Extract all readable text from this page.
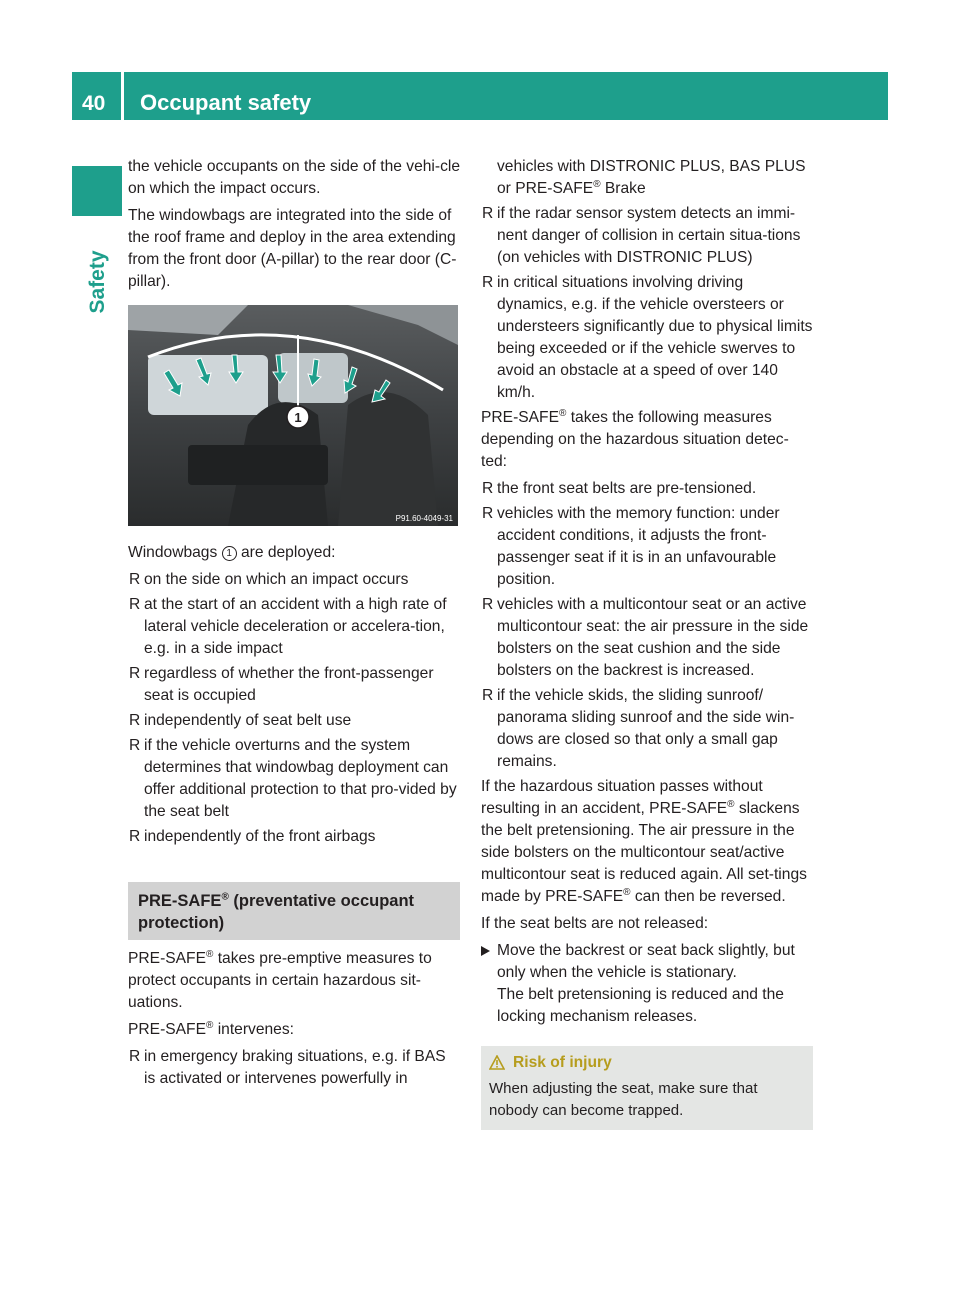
40 Occupant safety
Safety

the vehicle occupants on the side of the vehi-cle on which the impact occurs.

The windowbags are integrated into the side of the roof frame and deploy in the area extending from the front door (A-pillar) to the rear door (C-pillar).

1
P91.60-4049-31

Windowbags 1 are deployed:

R on the side on which an impact occurs
R at the start of an accident with a high rate of lateral vehicle deceleration or accelera-tion, e.g. in a side impact
R regardless of whether the front-passenger seat is occupied
R independently of seat belt use
R if the vehicle overturns and the system determines that windowbag deployment can offer additional protection to that pro-vided by the seat belt
R independently of the front airbags
PRE-SAFE® (preventative occupant protection)

PRE-SAFE® takes pre-emptive measures to protect occupants in certain hazardous sit-uations.

PRE-SAFE® intervenes:

R in emergency braking situations, e.g. if BAS is activated or intervenes powerfully in
vehicles with DISTRONIC PLUS, BAS PLUS or PRE-SAFE® Brake
R if the radar sensor system detects an immi-nent danger of collision in certain situa-tions (on vehicles with DISTRONIC PLUS)
R in critical situations involving driving dynamics, e.g. if the vehicle oversteers or understeers significantly due to physical limits being exceeded or if the vehicle swerves to avoid an obstacle at a speed of over 140 km/h.

PRE-SAFE® takes the following measures depending on the hazardous situation detec-ted:

R the front seat belts are pre-tensioned.
R vehicles with the memory function: under accident conditions, it adjusts the front-passenger seat if it is in an unfavourable position.
R vehicles with a multicontour seat or an active multicontour seat: the air pressure in the side bolsters on the seat cushion and the side bolsters on the backrest is increased.
R if the vehicle skids, the sliding sunroof/ panorama sliding sunroof and the side win-dows are closed so that only a small gap remains.

If the hazardous situation passes without resulting in an accident, PRE-SAFE® slackens the belt pretensioning. The air pressure in the side bolsters on the multicontour seat/active multicontour seat is reduced again. All set-tings made by PRE-SAFE® can then be reversed.

If the seat belts are not released:

Move the backrest or seat back slightly, but only when the vehicle is stationary.
The belt pretensioning is reduced and the locking mechanism releases.
Risk of injury
When adjusting the seat, make sure that nobody can become trapped.
